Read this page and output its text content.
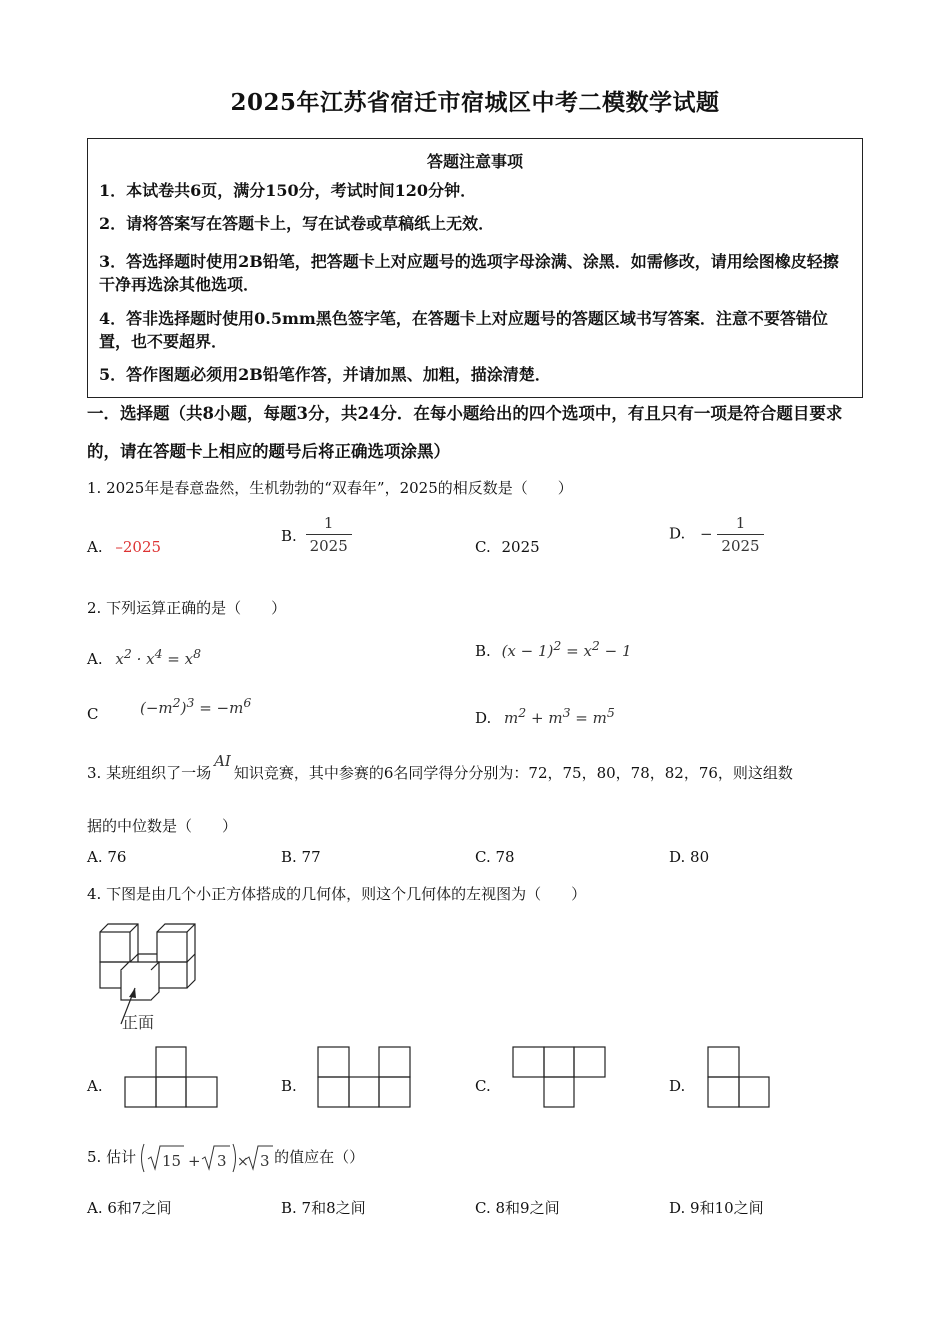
2025年江苏省宿迁市宿城区中考二模数学试题
答题注意事项
1．本试卷共6页，满分150分，考试时间120分钟．
2．请将答案写在答题卡上，写在试卷或草稿纸上无效．
3．答选择题时使用2B铅笔，把答题卡上对应题号的选项字母涂满、涂黑．如需修改，请用绘图橡皮轻擦干净再选涂其他选项．
4．答非选择题时使用0.5mm黑色签字笔，在答题卡上对应题号的答题区域书写答案．注意不要答错位置，也不要超界．
5．答作图题必须用2B铅笔作答，并请加黑、加粗，描涂清楚．
一．选择题（共8小题，每题3分，共24分．在每小题给出的四个选项中，有且只有一项是符合题目要求的，请在答题卡上相应的题号后将正确选项涂黑）
1. 2025年是春意盎然，生机勃勃的“双春年”，2025的相反数是（　　）
A. –2025
B. $\frac{1}{2025}$	C. 2025
D. − $\frac{1}{2025}$
2. 下列运算正确的是（　　）
A. $x^2 \cdot x^4 = x^8$	B. $(x - 1)^2 = x^2 - 1$
C	$(-m^2)^3 = -m^6$
D. $m^2 + m^3 = m^5$
3. 某班组织了一场AI知识竞赛，其中参赛的6名同学得分分别为：72，75，80，78，82，76，则这组数
据的中位数是（　　）
A. 76	B. 77	C. 78	D. 80
4. 下图是由几个小正方体搭成的几何体，则这个几何体的左视图为（　　）
正面
A.	B.	C.	D.
5. 估计 15 + 3 × 3 的值应在（）
A. 6和7之间	B. 7和8之间	C. 8和9之间	D. 9和10之间
